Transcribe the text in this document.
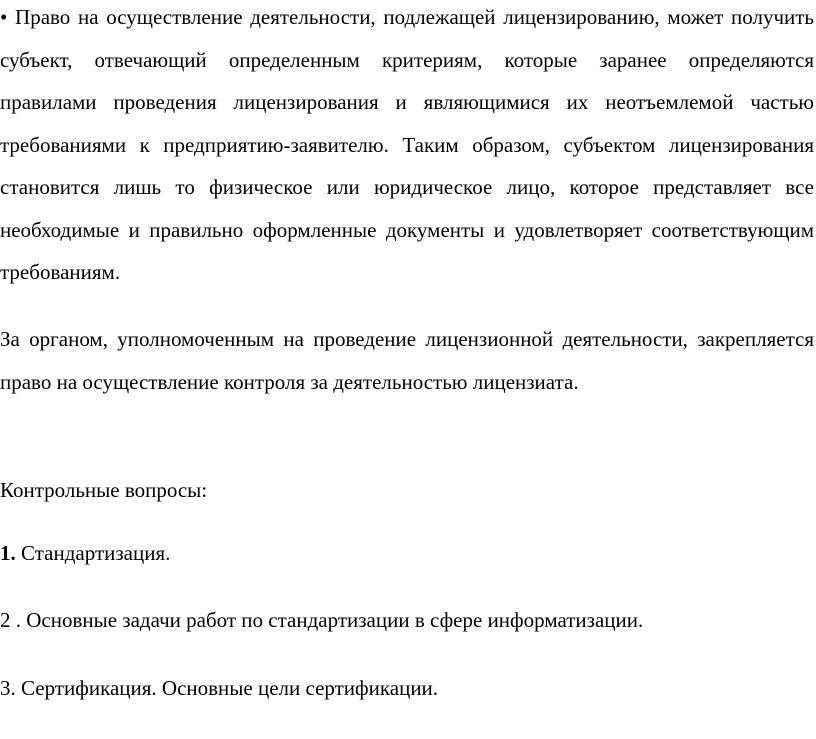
• Право на осуществление деятельности, подлежащей лицензированию, может получить субъект, отвечающий определенным критериям, которые заранее определяются правилами проведения лицензирования и являющимися их неотъемлемой частью требованиями к предприятию-заявителю. Таким образом, субъектом лицензирования становится лишь то физическое или юридическое лицо, которое представляет все необходимые и правильно оформленные документы и удовлетворяет соответствующим требованиям.

За органом, уполномоченным на проведение лицензионной деятельности, закрепляется право на осуществление контроля за деятельностью лицензиата.

Контрольные вопросы:

1. Стандартизация.

2 . Основные задачи работ по стандартизации в сфере информатизации.

3. Сертификация. Основные цели сертификации.
